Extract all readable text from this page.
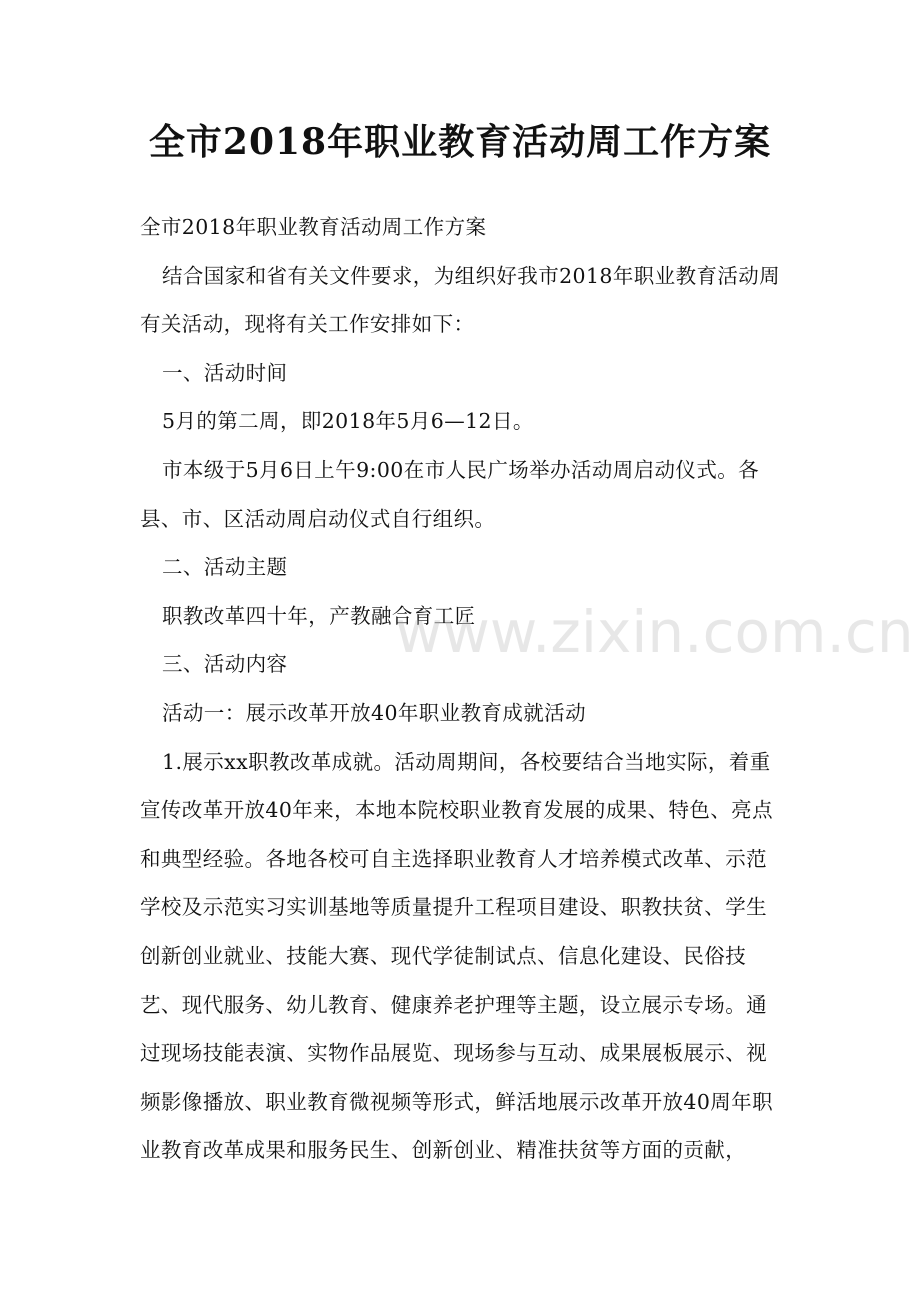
全市2018年职业教育活动周工作方案

全市2018年职业教育活动周工作方案

结合国家和省有关文件要求，为组织好我市2018年职业教育活动周有关活动，现将有关工作安排如下：

一、活动时间

5月的第二周，即2018年5月6—12日。

市本级于5月6日上午9:00在市人民广场举办活动周启动仪式。各县、市、区活动周启动仪式自行组织。

二、活动主题

职教改革四十年，产教融合育工匠

三、活动内容

活动一：展示改革开放40年职业教育成就活动

1.展示xx职教改革成就。活动周期间，各校要结合当地实际，着重宣传改革开放40年来，本地本院校职业教育发展的成果、特色、亮点和典型经验。各地各校可自主选择职业教育人才培养模式改革、示范学校及示范实习实训基地等质量提升工程项目建设、职教扶贫、学生创新创业就业、技能大赛、现代学徒制试点、信息化建设、民俗技艺、现代服务、幼儿教育、健康养老护理等主题，设立展示专场。通过现场技能表演、实物作品展览、现场参与互动、成果展板展示、视频影像播放、职业教育微视频等形式，鲜活地展示改革开放40周年职业教育改革成果和服务民生、创新创业、精准扶贫等方面的贡献，

www.zixin.com.cn
